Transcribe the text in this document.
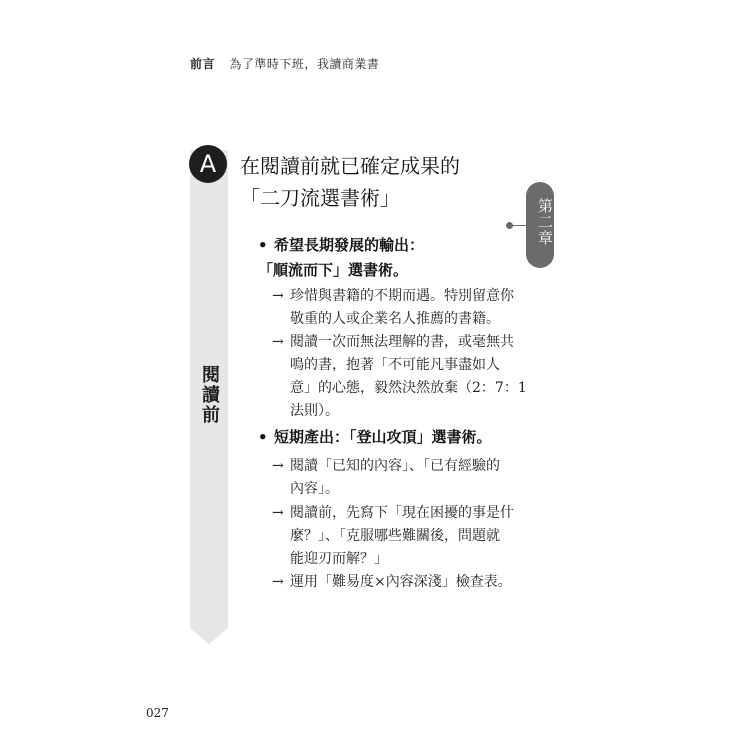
前言 為了準時下班，我讀商業書
A
閱讀前
在閱讀前就已確定成果的
「二刀流選書術」	第二章
• 希望長期發展的輸出：
「順流而下」選書術。
→ 珍惜與書籍的不期而遇。特別留意你
敬重的人或企業名人推薦的書籍。
→ 閱讀一次而無法理解的書，或毫無共
鳴的書，抱著「不可能凡事盡如人
意」的心態，毅然決然放棄（2：7：1
法則）。
• 短期產出：「登山攻頂」選書術。
→ 閱讀「已知的內容」、「已有經驗的
內容」。
→ 閱讀前，先寫下「現在困擾的事是什
麼？」、「克服哪些難關後，問題就
能迎刃而解？」
→ 運用「難易度×內容深淺」檢查表。
027
